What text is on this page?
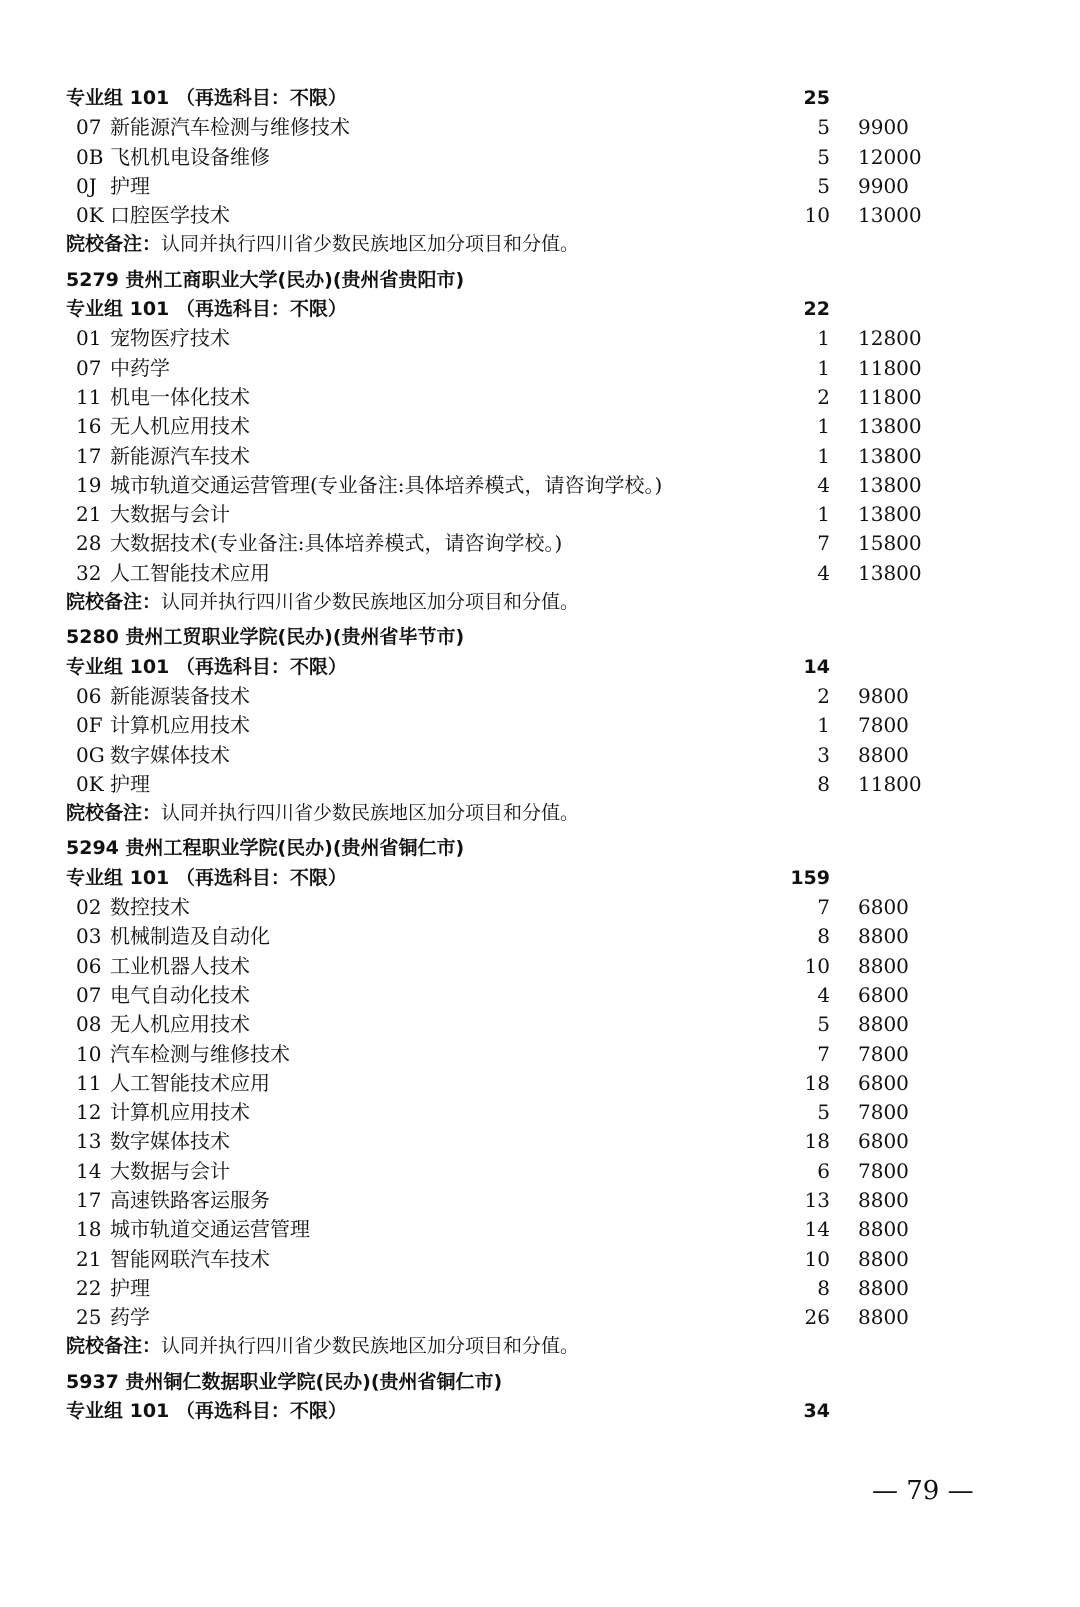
专业组 101 （再选科目：不限）	25
07 新能源汽车检测与维修技术	5 9900
0B 飞机机电设备维修	5 12000
0J 护理	5 9900
0K 口腔医学技术	10 13000
院校备注：认同并执行四川省少数民族地区加分项目和分值。
5279 贵州工商职业大学(民办)(贵州省贵阳市)
专业组 101 （再选科目：不限）	22
01 宠物医疗技术	1 12800
07 中药学	1 11800
11 机电一体化技术	2 11800
16 无人机应用技术	1 13800
17 新能源汽车技术	1 13800
19 城市轨道交通运营管理(专业备注:具体培养模式，请咨询学校。)	4 13800
21 大数据与会计	1 13800
28 大数据技术(专业备注:具体培养模式，请咨询学校。)	7 15800
32 人工智能技术应用	4 13800
院校备注：认同并执行四川省少数民族地区加分项目和分值。
5280 贵州工贸职业学院(民办)(贵州省毕节市)
专业组 101 （再选科目：不限）	14
06 新能源装备技术	2 9800
0F 计算机应用技术	1 7800
0G 数字媒体技术	3 8800
0K 护理	8 11800
院校备注：认同并执行四川省少数民族地区加分项目和分值。
5294 贵州工程职业学院(民办)(贵州省铜仁市)
专业组 101 （再选科目：不限）	159
02 数控技术	7 6800
03 机械制造及自动化	8 8800
06 工业机器人技术	10 8800
07 电气自动化技术	4 6800
08 无人机应用技术	5 8800
10 汽车检测与维修技术	7 7800
11 人工智能技术应用	18 6800
12 计算机应用技术	5 7800
13 数字媒体技术	18 6800
14 大数据与会计	6 7800
17 高速铁路客运服务	13 8800
18 城市轨道交通运营管理	14 8800
21 智能网联汽车技术	10 8800
22 护理	8 8800
25 药学	26 8800
院校备注：认同并执行四川省少数民族地区加分项目和分值。
5937 贵州铜仁数据职业学院(民办)(贵州省铜仁市)
专业组 101 （再选科目：不限）	34
— 79 —
